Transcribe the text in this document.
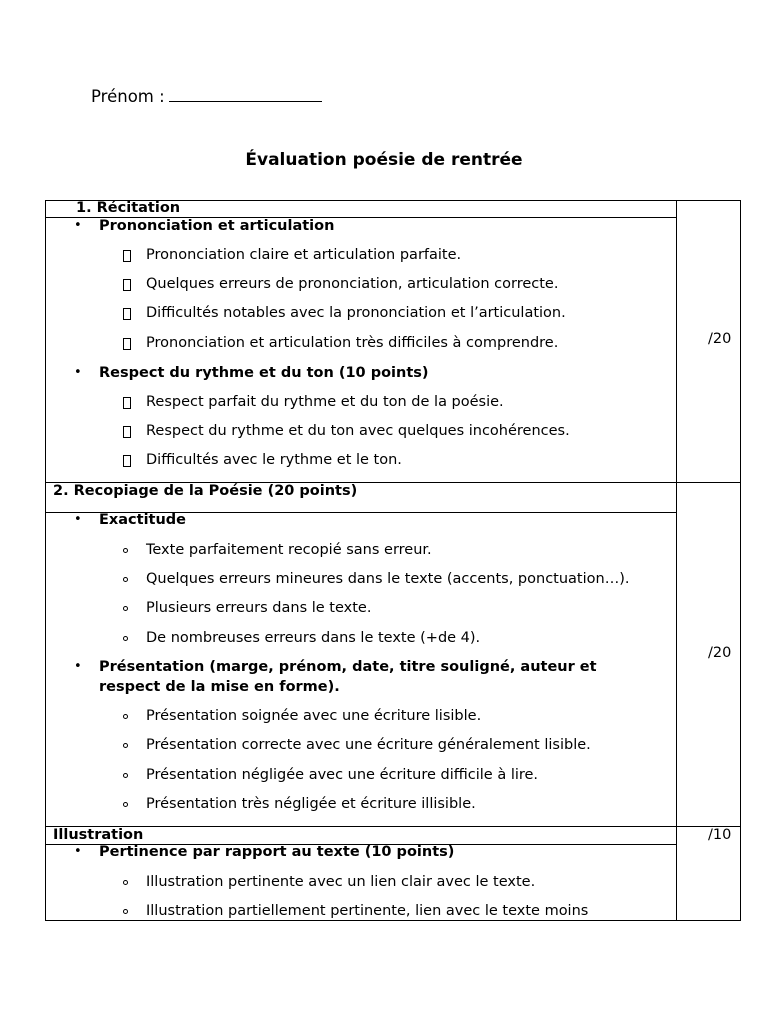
Prénom :
Évaluation poésie de rentrée
1. Récitation
/20
• Prononciation et articulation
Prononciation claire et articulation parfaite.
Quelques erreurs de prononciation, articulation correcte.
Difficultés notables avec la prononciation et l’articulation.
Prononciation et articulation très difficiles à comprendre.
• Respect du rythme et du ton (10 points)
Respect parfait du rythme et du ton de la poésie.
Respect du rythme et du ton avec quelques incohérences.
Difficultés avec le rythme et le ton.
2. Recopiage de la Poésie (20 points)
/20
• Exactitude
Texte parfaitement recopié sans erreur.
Quelques erreurs mineures dans le texte (accents, ponctuation…).
Plusieurs erreurs dans le texte.
De nombreuses erreurs dans le texte (+de 4).
• Présentation (marge, prénom, date, titre souligné, auteur et
respect de la mise en forme).
Présentation soignée avec une écriture lisible.
Présentation correcte avec une écriture généralement lisible.
Présentation négligée avec une écriture difficile à lire.
Présentation très négligée et écriture illisible.
Illustration	/10
• Pertinence par rapport au texte (10 points)
Illustration pertinente avec un lien clair avec le texte.
Illustration partiellement pertinente, lien avec le texte moins
